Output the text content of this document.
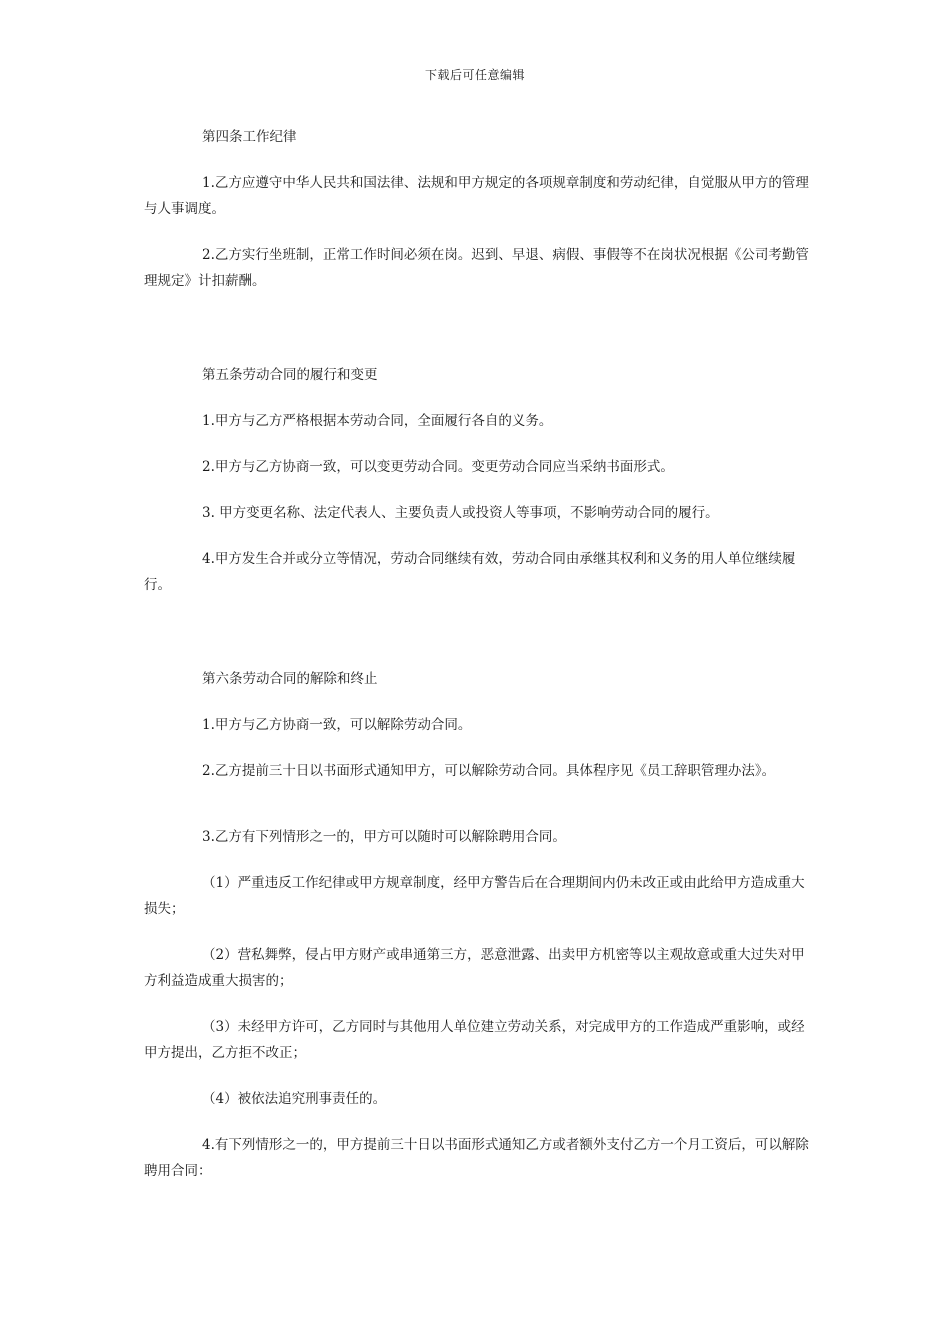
下载后可任意编辑

第四条工作纪律

1.乙方应遵守中华人民共和国法律、法规和甲方规定的各项规章制度和劳动纪律，自觉服从甲方的管理与人事调度。

2.乙方实行坐班制，正常工作时间必须在岗。迟到、早退、病假、事假等不在岗状况根据《公司考勤管理规定》计扣薪酬。

第五条劳动合同的履行和变更

1.甲方与乙方严格根据本劳动合同，全面履行各自的义务。

2.甲方与乙方协商一致，可以变更劳动合同。变更劳动合同应当采纳书面形式。

3. 甲方变更名称、法定代表人、主要负责人或投资人等事项，不影响劳动合同的履行。

4.甲方发生合并或分立等情况，劳动合同继续有效，劳动合同由承继其权利和义务的用人单位继续履行。

第六条劳动合同的解除和终止

1.甲方与乙方协商一致，可以解除劳动合同。

2.乙方提前三十日以书面形式通知甲方，可以解除劳动合同。具体程序见《员工辞职管理办法》。

3.乙方有下列情形之一的，甲方可以随时可以解除聘用合同。

（1）严重违反工作纪律或甲方规章制度，经甲方警告后在合理期间内仍未改正或由此给甲方造成重大损失；

（2）营私舞弊，侵占甲方财产或串通第三方，恶意泄露、出卖甲方机密等以主观故意或重大过失对甲方利益造成重大损害的；

（3）未经甲方许可，乙方同时与其他用人单位建立劳动关系，对完成甲方的工作造成严重影响，或经甲方提出，乙方拒不改正；

（4）被依法追究刑事责任的。

4.有下列情形之一的，甲方提前三十日以书面形式通知乙方或者额外支付乙方一个月工资后，可以解除聘用合同：
